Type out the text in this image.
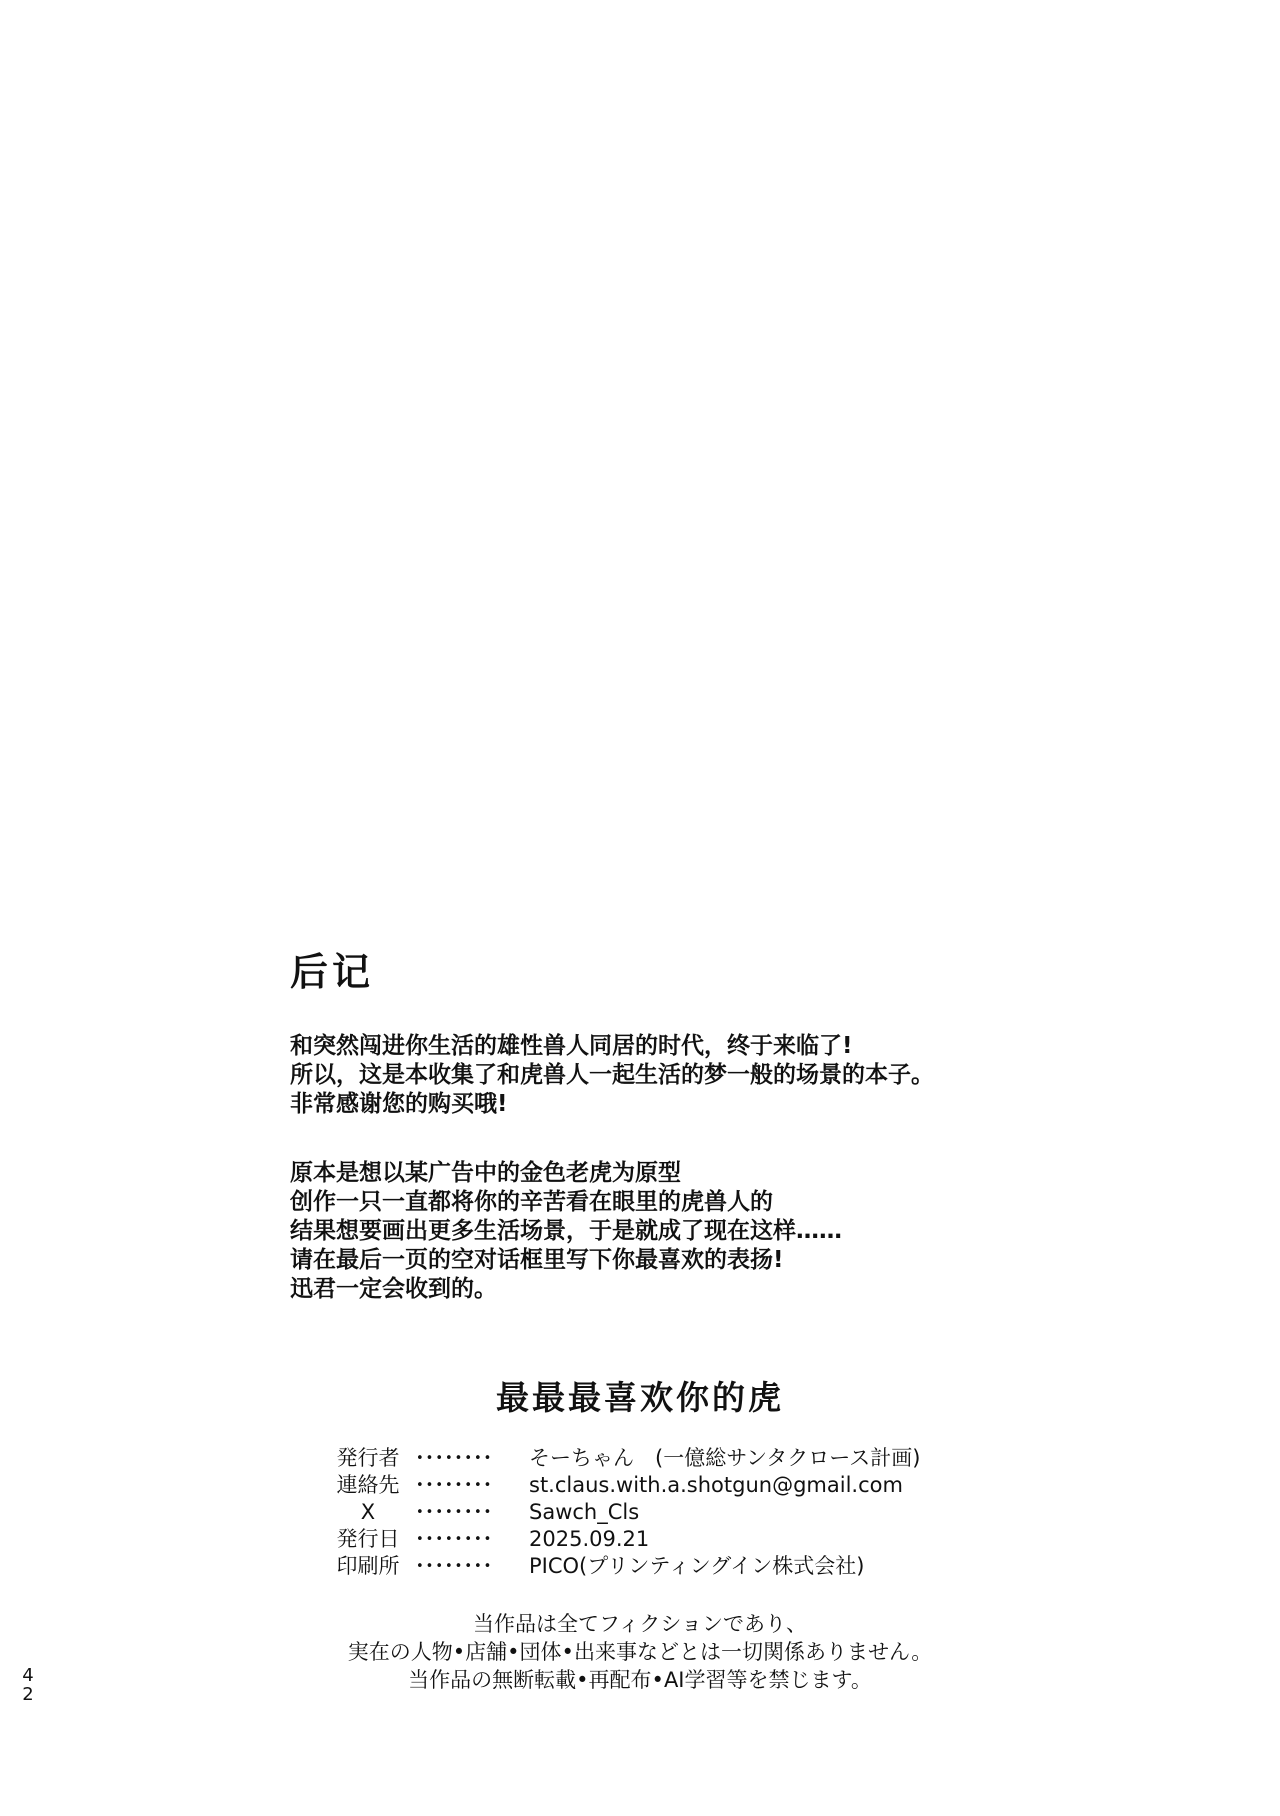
后记
和突然闯进你生活的雄性兽人同居的时代，终于来临了!
所以，这是本收集了和虎兽人一起生活的梦一般的场景的本子。
非常感谢您的购买哦!
原本是想以某广告中的金色老虎为原型
创作一只一直都将你的辛苦看在眼里的虎兽人的
结果想要画出更多生活场景，于是就成了现在这样……
请在最后一页的空对话框里写下你最喜欢的表扬!
迅君一定会收到的。
最最最喜欢你的虎
発行者	••••••••	そーちゃん　(一億総サンタクロース計画)
連絡先	••••••••	st.claus.with.a.shotgun@gmail.com
X	••••••••	Sawch_Cls
発行日	••••••••	2025.09.21
印刷所	••••••••	PICO(プリンティングイン株式会社)
当作品は全てフィクションであり、
実在の人物•店舗•団体•出来事などとは一切関係ありません。
当作品の無断転載•再配布•AI学習等を禁じます。
42
